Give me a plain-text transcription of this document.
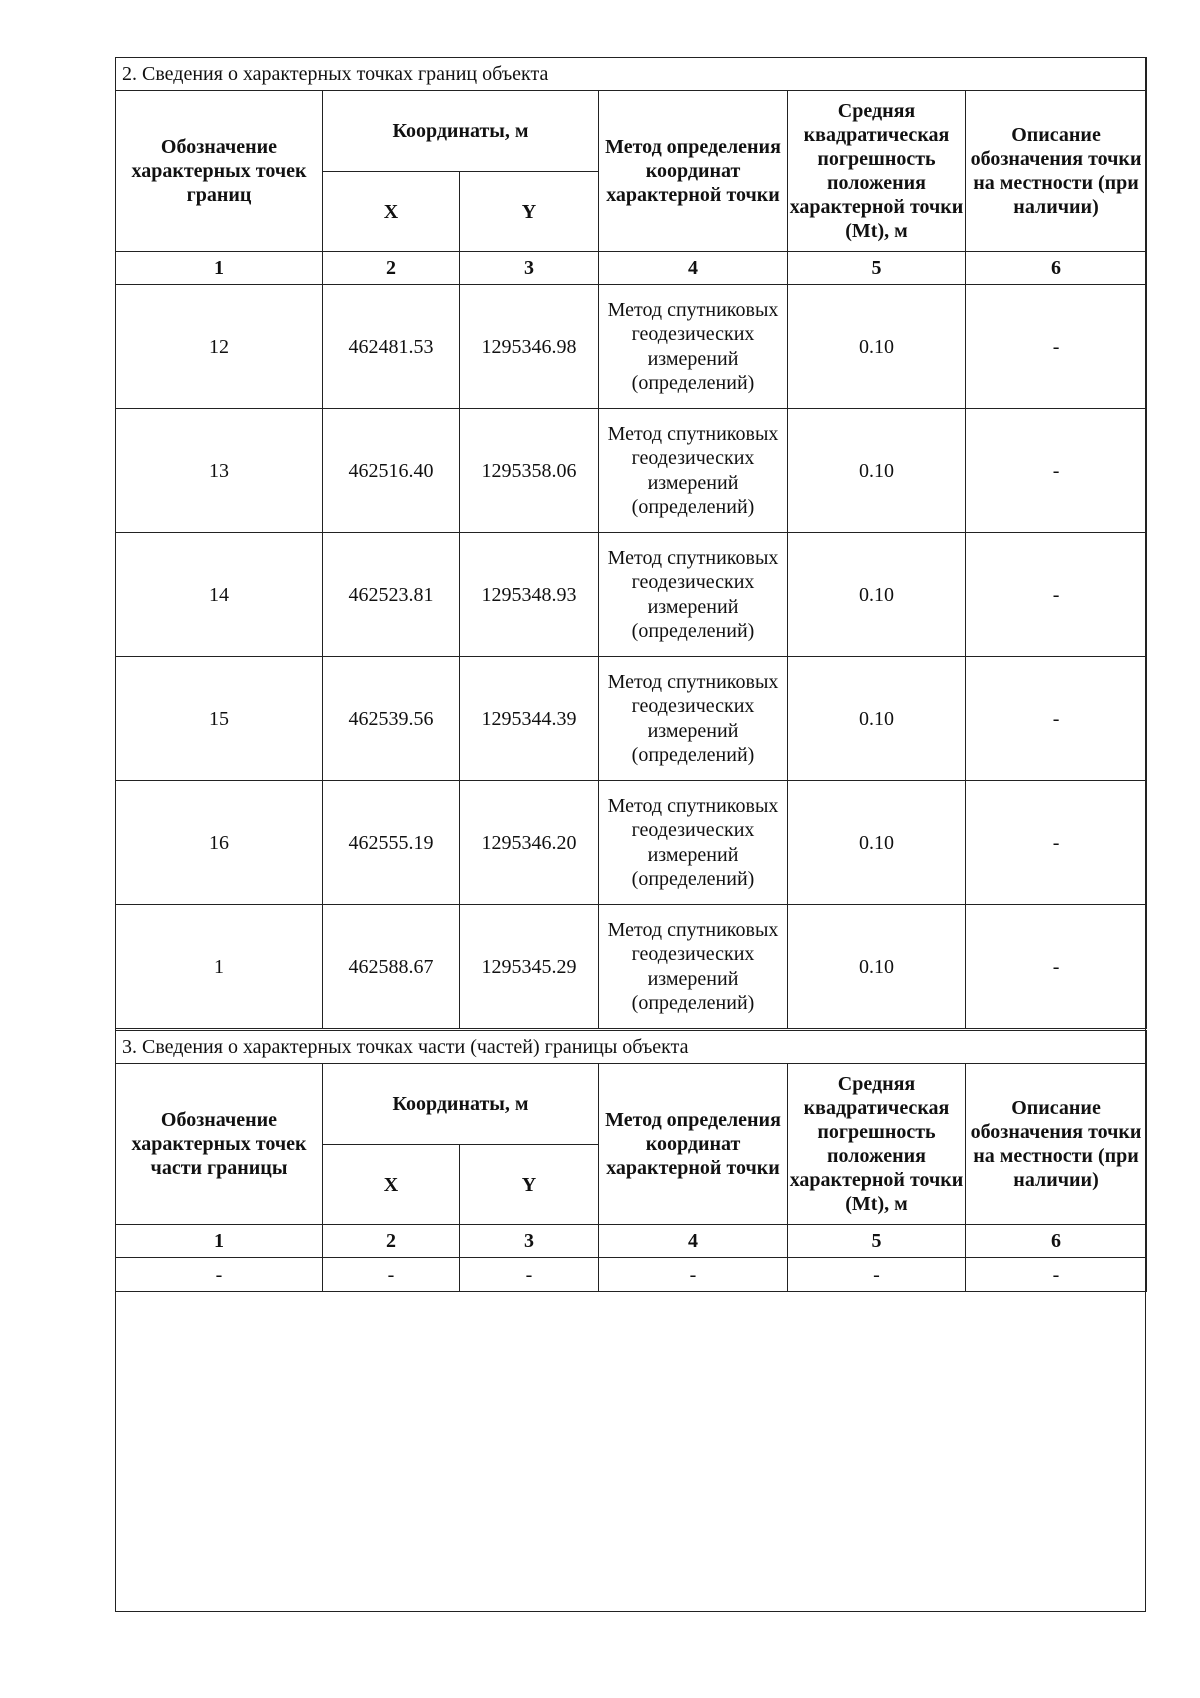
2. Сведения о характерных точках границ объекта					
Обозначение характерных точек границ	Координаты, м		Метод определения координат характерной точки	Средняя квадратическая погрешность положения характерной точки (Mt), м	Описание обозначения точки на местности (при наличии)
	X	Y			
1	2	3	4	5	6
12	462481.53	1295346.98	Метод спутниковых геодезических измерений (определений)	0.10	-
13	462516.40	1295358.06	Метод спутниковых геодезических измерений (определений)	0.10	-
14	462523.81	1295348.93	Метод спутниковых геодезических измерений (определений)	0.10	-
15	462539.56	1295344.39	Метод спутниковых геодезических измерений (определений)	0.10	-
16	462555.19	1295346.20	Метод спутниковых геодезических измерений (определений)	0.10	-
1	462588.67	1295345.29	Метод спутниковых геодезических измерений (определений)	0.10	-
3. Сведения о характерных точках части (частей) границы объекта					
Обозначение характерных точек части границы	Координаты, м		Метод определения координат характерной точки	Средняя квадратическая погрешность положения характерной точки (Mt), м	Описание обозначения точки на местности (при наличии)
	X	Y			
1	2	3	4	5	6
-	-	-	-	-	-
